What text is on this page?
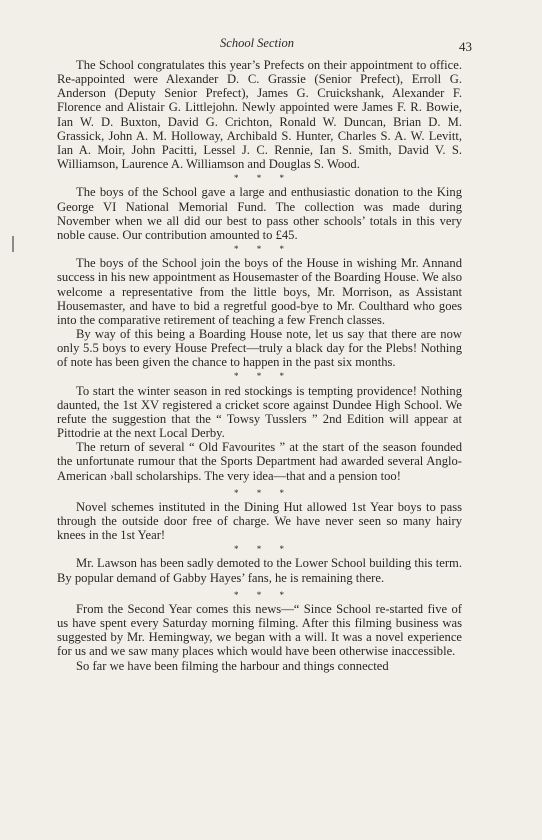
School Section	43

The School congratulates this year’s Prefects on their appointment to office. Re-appointed were Alexander D. C. Grassie (Senior Prefect), Erroll G. Anderson (Deputy Senior Prefect), James G. Cruickshank, Alexander F. Florence and Alistair G. Littlejohn. Newly appointed were James F. R. Bowie, Ian W. D. Buxton, David G. Crichton, Ronald W. Duncan, Brian D. M. Grassick, John A. M. Holloway, Archibald S. Hunter, Charles S. A. W. Levitt, Ian A. Moir, John Pacitti, Lessel J. C. Rennie, Ian S. Smith, David V. S. Williamson, Laurence A. Williamson and Douglas S. Wood.

* * *

The boys of the School gave a large and enthusiastic donation to the King George VI National Memorial Fund. The collection was made during November when we all did our best to pass other schools’ totals in this very noble cause. Our contribution amounted to £45.

* * *

The boys of the School join the boys of the House in wishing Mr. Annand success in his new appointment as Housemaster of the Boarding House. We also welcome a representative from the little boys, Mr. Morrison, as Assistant Housemaster, and have to bid a regretful good-bye to Mr. Coulthard who goes into the comparative retirement of teaching a few French classes.

By way of this being a Boarding House note, let us say that there are now only 5.5 boys to every House Prefect—truly a black day for the Plebs! Nothing of note has been given the chance to happen in the past six months.

* * *

To start the winter season in red stockings is tempting providence! Nothing daunted, the 1st XV registered a cricket score against Dundee High School. We refute the suggestion that the “ Towsy Tusslers ” 2nd Edition will appear at Pittodrie at the next Local Derby.

The return of several “ Old Favourites ” at the start of the season founded the unfortunate rumour that the Sports Department had awarded several Anglo-American ›ball scholarships. The very idea—that and a pension too!

* * *

Novel schemes instituted in the Dining Hut allowed 1st Year boys to pass through the outside door free of charge. We have never seen so many hairy knees in the 1st Year!

* * *

Mr. Lawson has been sadly demoted to the Lower School building this term. By popular demand of Gabby Hayes’ fans, he is remaining there.

* * *

From the Second Year comes this news—“ Since School re-started five of us have spent every Saturday morning filming. After this filming business was suggested by Mr. Hemingway, we began with a will. It was a novel experience for us and we saw many places which would have been otherwise inaccessible.

So far we have been filming the harbour and things connected
